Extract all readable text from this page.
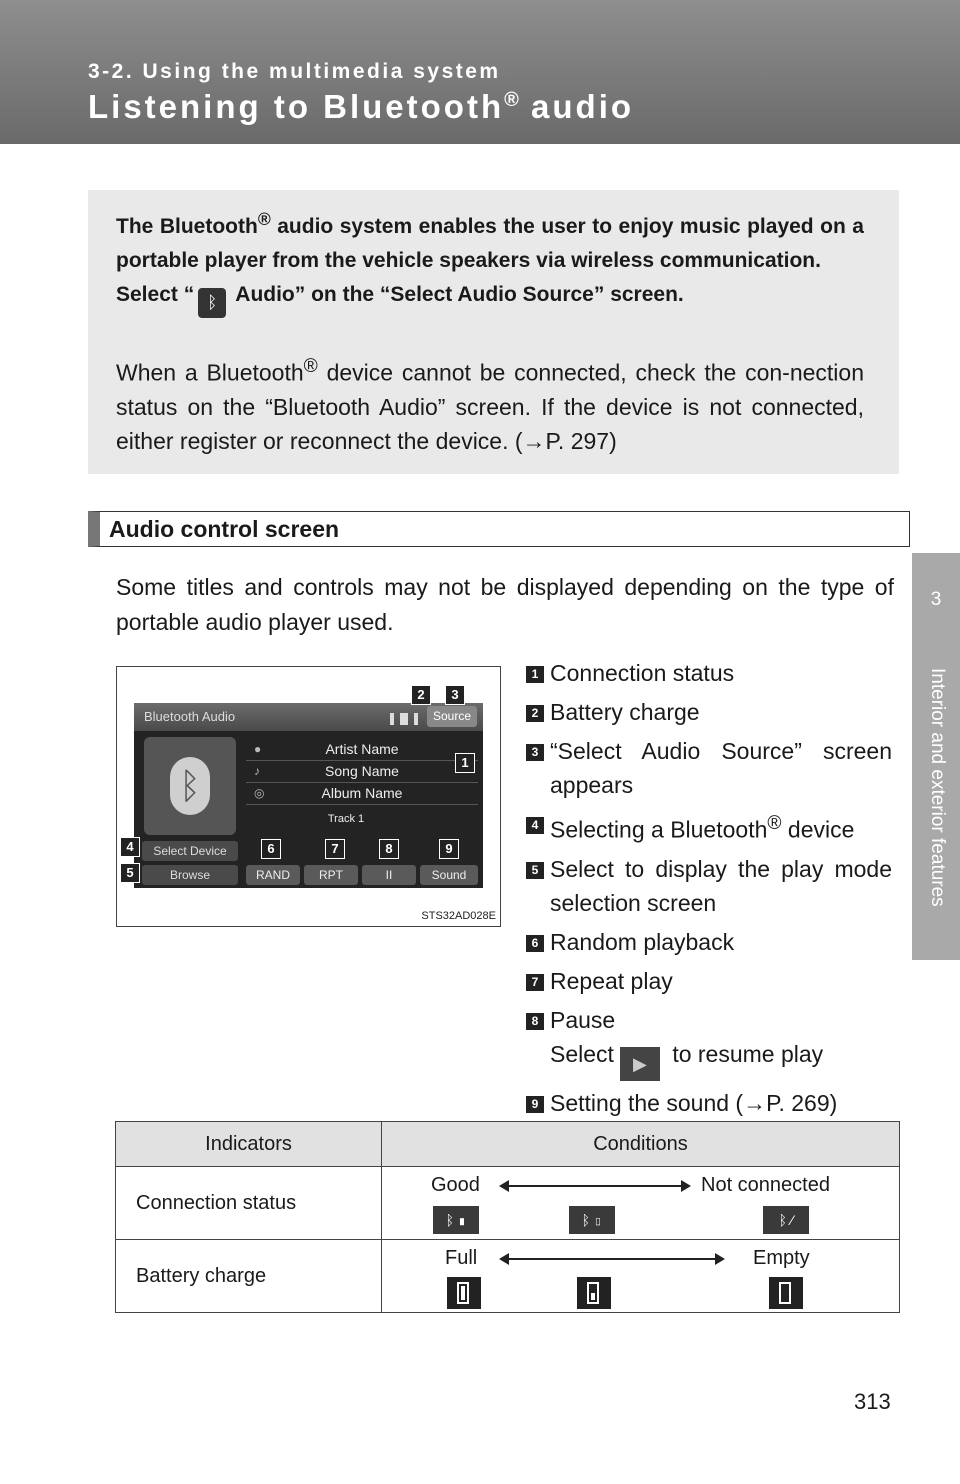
3-2. Using the multimedia system
Listening to Bluetooth® audio
3
Interior and exterior features
The Bluetooth® audio system enables the user to enjoy music played on a portable player from the vehicle speakers via wireless communication.
Select “ ᛒ Audio” on the “Select Audio Source” screen.
When a Bluetooth® device cannot be connected, check the con-nection status on the “Bluetooth Audio” screen. If the device is not connected, either register or reconnect the device. (→P. 297)
Audio control screen
Some titles and controls may not be displayed depending on the type of portable audio player used.
Bluetooth Audio	Source
ᛒ
●	Artist Name
♪	Song Name
◎	Album Name
Track 1
Select Device
Browse	RAND	RPT	II	Sound
1
2	3
4
5
6	7	8	9
STS32AD028E
1 Connection status
2 Battery charge
3 “Select Audio Source” screen appears
4 Selecting a Bluetooth® device
5 Select to display the play mode selection screen
6 Random playback
7 Repeat play
8 Pause
Select ▶ to resume play
9 Setting the sound (→P. 269)
Indicators	Conditions
Connection status	Good Not connected
ᛒ ▮ ᛒ ▯ ᛒ ⁄

Battery charge	Full Empty
313
